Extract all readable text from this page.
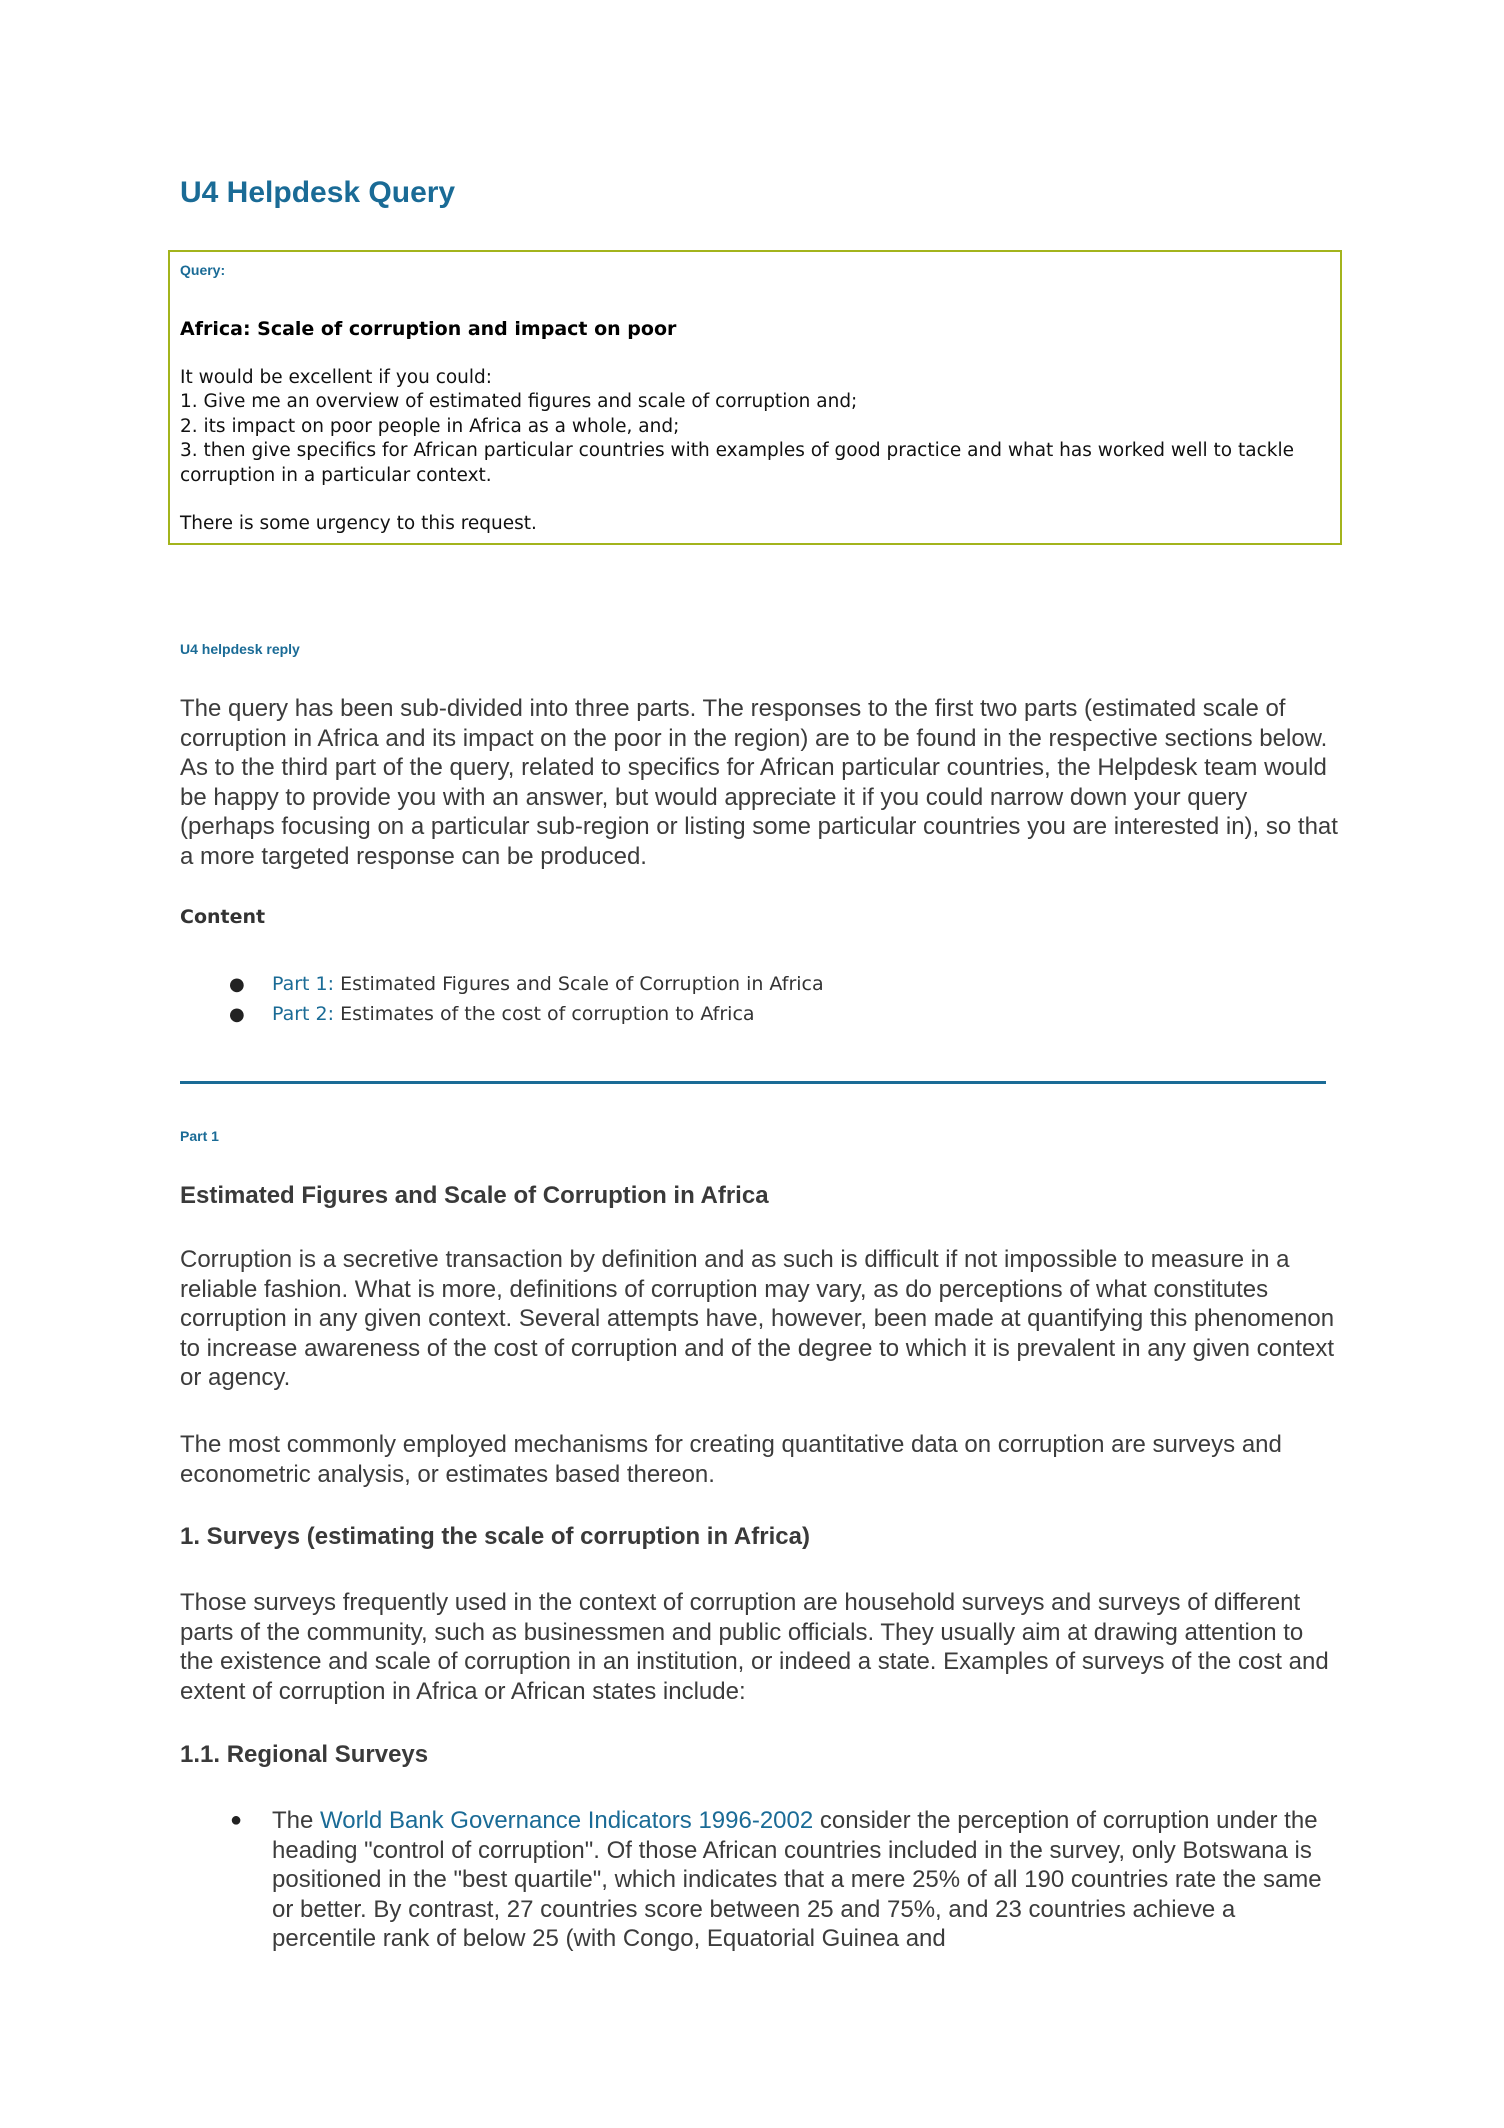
U4 Helpdesk Query
Query:
Africa: Scale of corruption and impact on poor

It would be excellent if you could:

1. Give me an overview of estimated figures and scale of corruption and;

2. its impact on poor people in Africa as a whole, and;

3. then give specifics for African particular countries with examples of good practice and what has worked well to tackle corruption in a particular context.

There is some urgency to this request.

U4 helpdesk reply

The query has been sub-divided into three parts. The responses to the first two parts (estimated scale of corruption in Africa and its impact on the poor in the region) are to be found in the respective sections below. As to the third part of the query, related to specifics for African particular countries, the Helpdesk team would be happy to provide you with an answer, but would appreciate it if you could narrow down your query (perhaps focusing on a particular sub-region or listing some particular countries you are interested in), so that a more targeted response can be produced.

Content
● Part 1: Estimated Figures and Scale of Corruption in Africa
● Part 2: Estimates of the cost of corruption to Africa
Part 1
Estimated Figures and Scale of Corruption in Africa

Corruption is a secretive transaction by definition and as such is difficult if not impossible to measure in a reliable fashion. What is more, definitions of corruption may vary, as do perceptions of what constitutes corruption in any given context. Several attempts have, however, been made at quantifying this phenomenon to increase awareness of the cost of corruption and of the degree to which it is prevalent in any given context or agency.

The most commonly employed mechanisms for creating quantitative data on corruption are surveys and econometric analysis, or estimates based thereon.

1. Surveys (estimating the scale of corruption in Africa)

Those surveys frequently used in the context of corruption are household surveys and surveys of different parts of the community, such as businessmen and public officials. They usually aim at drawing attention to the existence and scale of corruption in an institution, or indeed a state. Examples of surveys of the cost and extent of corruption in Africa or African states include:

1.1. Regional Surveys
● The World Bank Governance Indicators 1996-2002 consider the perception of corruption under the heading "control of corruption". Of those African countries included in the survey, only Botswana is positioned in the "best quartile", which indicates that a mere 25% of all 190 countries rate the same or better. By contrast, 27 countries score between 25 and 75%, and 23 countries achieve a percentile rank of below 25 (with Congo, Equatorial Guinea and
